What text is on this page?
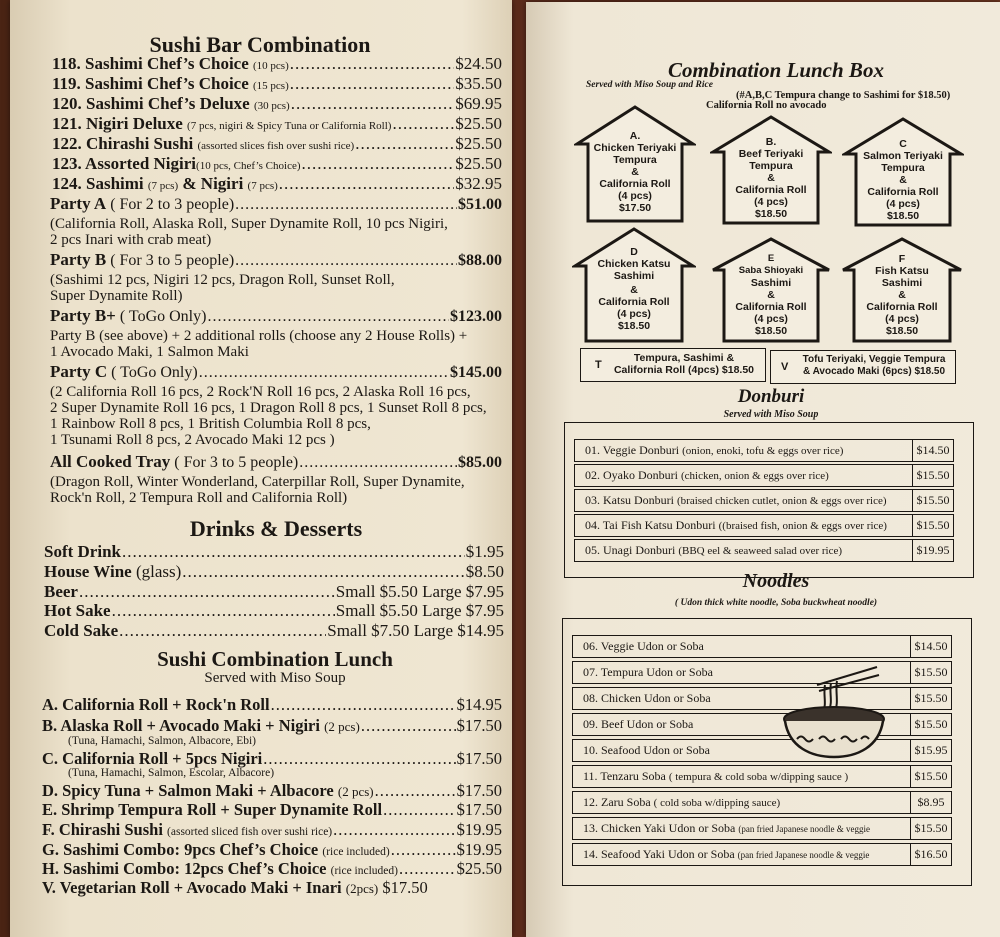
Sushi Bar Combination
118. Sashimi Chef’s Choice
(10 pcs) .....	$24.50
119. Sashimi Chef’s Choice
(15 pcs) .....	$35.50
120. Sashimi Chef’s Deluxe
(30 pcs) .....	$69.95
121. Nigiri Deluxe
(7 pcs, nigiri & Spicy Tuna or California Roll) .....	$25.50
122. Chirashi Sushi
(assorted slices fish over sushi rice) .....	$25.50
123. Assorted Nigiri (10 pcs, Chef’s Choice) .....	$25.50
124. Sashimi
(7 pcs)
& Nigiri
(7 pcs) .....	$32.95
Party A
( For 2 to 3 people) .....	$51.00
(California Roll, Alaska Roll, Super Dynamite Roll, 10 pcs Nigiri,
2 pcs Inari with crab meat)
Party B
( For 3 to 5 people) .....	$88.00
(Sashimi 12 pcs, Nigiri 12 pcs, Dragon Roll, Sunset Roll,
Super Dynamite Roll)
Party B+
( ToGo Only) .....	$123.00
Party B (see above) + 2 additional rolls (choose any 2 House Rolls) +
1 Avocado Maki, 1 Salmon Maki
Party C
( ToGo Only) .....	$145.00
(2 California Roll 16 pcs, 2 Rock'N Roll 16 pcs, 2 Alaska Roll 16 pcs,
2 Super Dynamite Roll 16 pcs, 1 Dragon Roll 8 pcs, 1 Sunset Roll 8 pcs,
1 Rainbow Roll 8 pcs, 1 British Columbia Roll 8 pcs,
1 Tsunami Roll 8 pcs, 2 Avocado Maki 12 pcs )
All Cooked Tray
( For 3 to 5 people) .....	$85.00
(Dragon Roll, Winter Wonderland, Caterpillar Roll, Super Dynamite,
Rock'n Roll, 2 Tempura Roll and California Roll)
Drinks & Desserts
Soft Drink .....	$1.95
House Wine
(glass) .....	$8.50
Beer .....	Small $5.50 Large $7.95
Hot Sake .....	Small $5.50 Large $7.95
Cold Sake .....	Small $7.50 Large $14.95
Sushi Combination Lunch
Served with Miso Soup
A. California Roll + Rock'n Roll .....	$14.95
B. Alaska Roll + Avocado Maki + Nigiri
(2 pcs) .....	$17.50
(Tuna, Hamachi, Salmon, Albacore, Ebi)
C. California Roll + 5pcs Nigiri .....	$17.50
(Tuna, Hamachi, Salmon, Escolar, Albacore)
D. Spicy Tuna + Salmon Maki + Albacore
(2 pcs) .....	$17.50
E. Shrimp Tempura Roll + Super Dynamite Roll .....	$17.50
F. Chirashi Sushi
(assorted sliced fish over sushi rice) .....	$19.95
G. Sashimi Combo: 9pcs Chef’s Choice
(rice included) .....	$19.95
H. Sashimi Combo: 12pcs Chef’s Choice
(rice included) .....	$25.50
V. Vegetarian Roll + Avocado Maki + Inari
(2pcs)
$17.50
Combination Lunch Box
Served with Miso Soup and Rice
(#A,B,C Tempura change to Sashimi for $18.50)
California Roll no avocado
A.
Chicken Teriyaki
Tempura
&
California Roll
(4 pcs)
$17.50
B.
Beef Teriyaki
Tempura
&
California Roll
(4 pcs)
$18.50
C
Salmon Teriyaki
Tempura
&
California Roll
(4 pcs)
$18.50
D
Chicken Katsu
Sashimi
&
California Roll
(4 pcs)
$18.50
E
Saba Shioyaki
Sashimi
&
California Roll
(4 pcs)
$18.50
F
Fish Katsu
Sashimi
&
California Roll
(4 pcs)
$18.50
T
Tempura, Sashimi &
California Roll (4pcs) $18.50	V
Tofu Teriyaki, Veggie Tempura
& Avocado Maki (6pcs) $18.50
Donburi
Served with Miso Soup
01. Veggie Donburi (onion, enoki, tofu & eggs over rice)	$14.50
02. Oyako Donburi (chicken, onion & eggs over rice)	$15.50
03. Katsu Donburi (braised chicken cutlet, onion & eggs over rice)	$15.50
04. Tai Fish Katsu Donburi ((braised fish, onion & eggs over rice)	$15.50
05. Unagi Donburi (BBQ eel & seaweed salad over rice)	$19.95
Noodles
( Udon thick white noodle, Soba buckwheat noodle)
06. Veggie Udon or Soba	$14.50
07. Tempura Udon or Soba	$15.50
08. Chicken Udon or Soba	$15.50
09. Beef Udon or Soba	$15.50
10. Seafood Udon or Soba	$15.95
11. Tenzaru Soba ( tempura & cold soba w/dipping sauce )	$15.50
12. Zaru Soba ( cold soba w/dipping sauce)	$8.95
13. Chicken Yaki Udon or Soba (pan fried Japanese noodle & veggie	$15.50
14. Seafood Yaki Udon or Soba (pan fried Japanese noodle & veggie	$16.50
